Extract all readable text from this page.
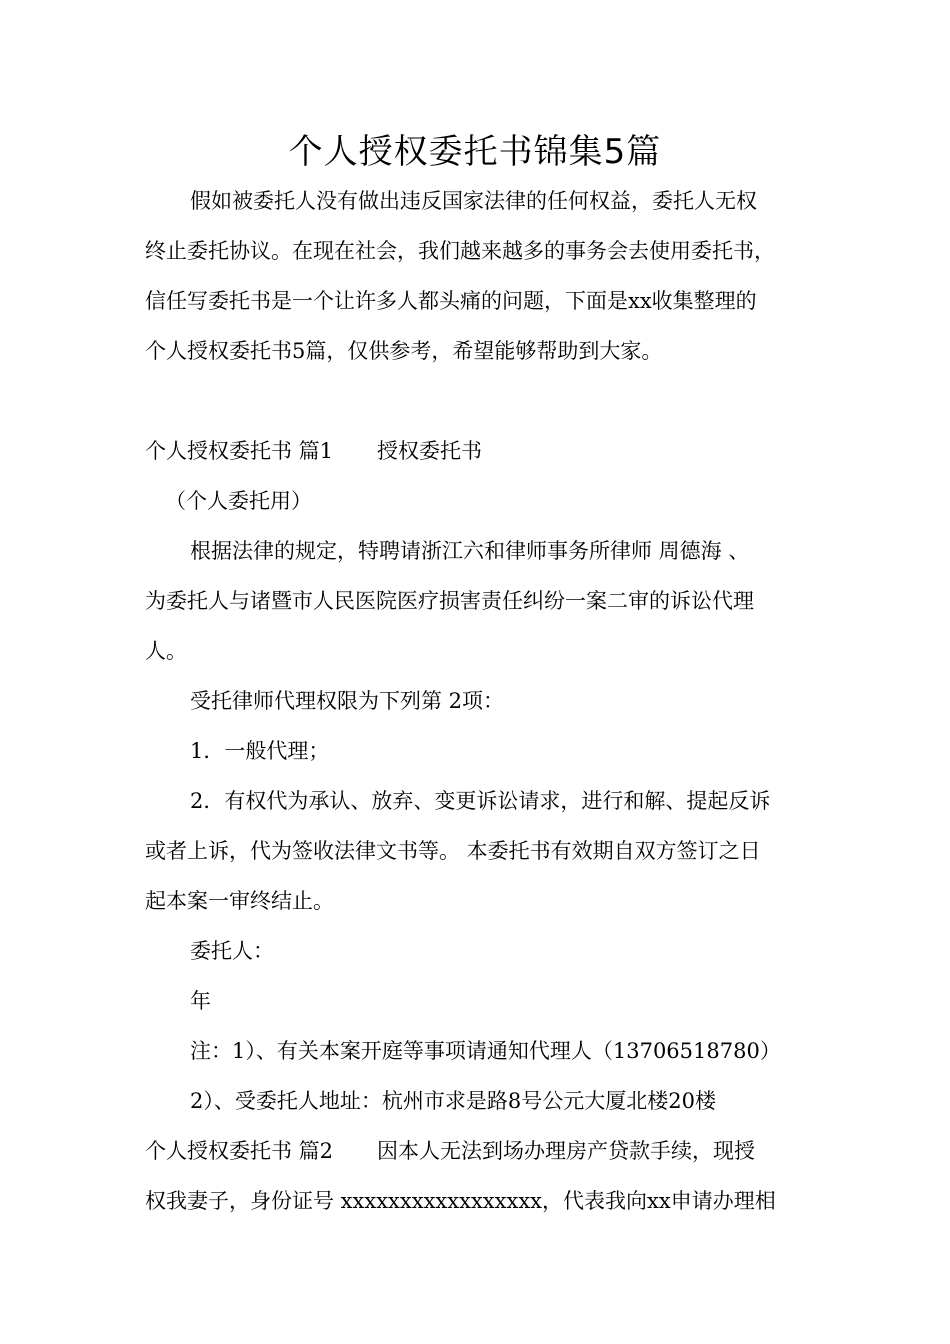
个人授权委托书锦集5篇
假如被委托人没有做出违反国家法律的任何权益，委托人无权
终止委托协议。在现在社会，我们越来越多的事务会去使用委托书，
信任写委托书是一个让许多人都头痛的问题，下面是xx收集整理的
个人授权委托书5篇，仅供参考，希望能够帮助到大家。
个人授权委托书 篇1 授权委托书
（个人委托用）
根据法律的规定，特聘请浙江六和律师事务所律师 周德海 、
为委托人与诸暨市人民医院医疗损害责任纠纷一案二审的诉讼代理
人。
受托律师代理权限为下列第 2项：
1．一般代理；
2．有权代为承认、放弃、变更诉讼请求，进行和解、提起反诉
或者上诉，代为签收法律文书等。 本委托书有效期自双方签订之日
起本案一审终结止。
委托人：
年
注：1）、有关本案开庭等事项请通知代理人（13706518780）
2）、受委托人地址：杭州市求是路8号公元大厦北楼20楼
个人授权委托书 篇2 因本人无法到场办理房产贷款手续，现授
权我妻子，身份证号 xxxxxxxxxxxxxxxxx，代表我向xx申请办理相
